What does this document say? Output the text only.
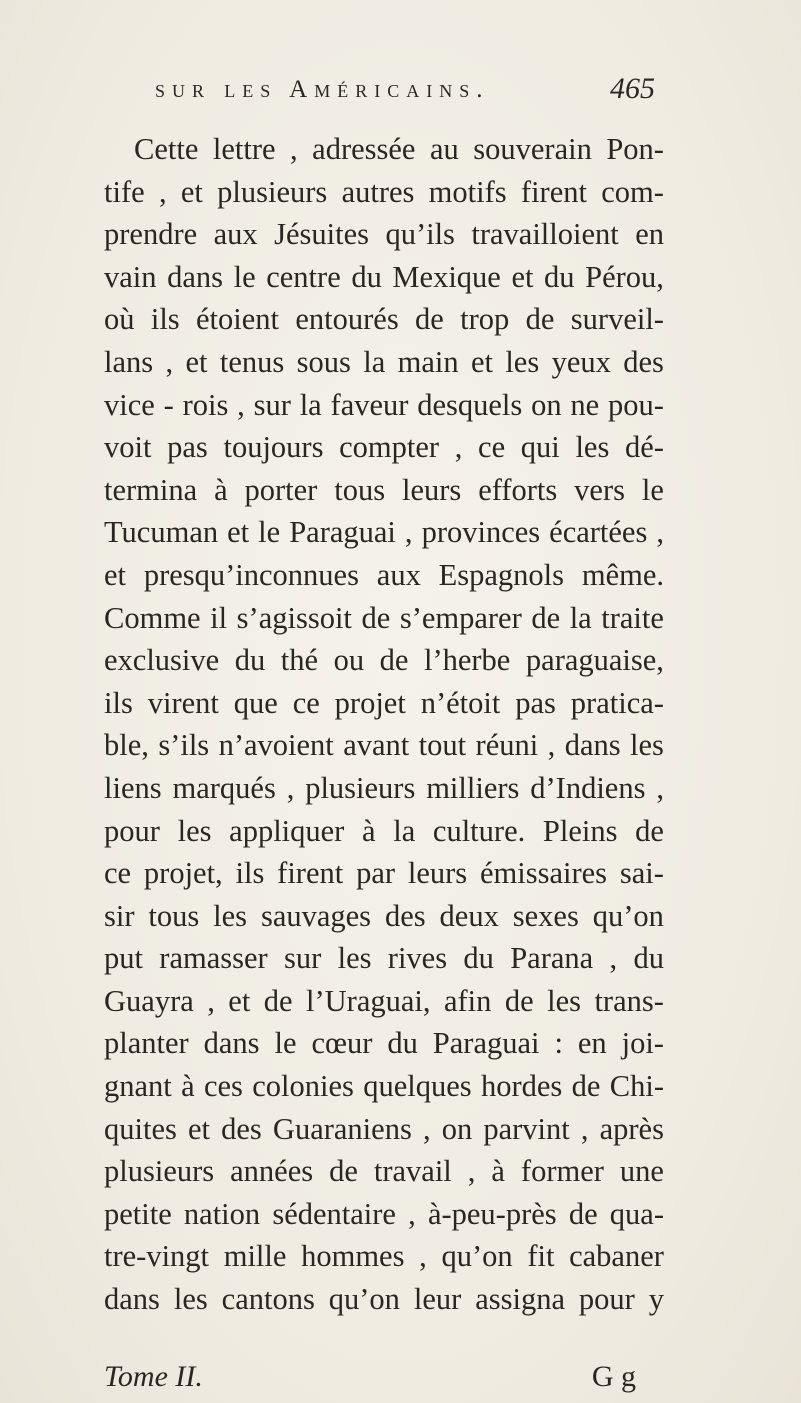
sur les Américains.	465
Cette lettre , adressée au souverain Pon-
tife , et plusieurs autres motifs firent com-
prendre aux Jésuites qu’ils travailloient en
vain dans le centre du Mexique et du Pérou,
où ils étoient entourés de trop de surveil-
lans , et tenus sous la main et les yeux des
vice - rois , sur la faveur desquels on ne pou-
voit pas toujours compter , ce qui les dé-
termina à porter tous leurs efforts vers le
Tucuman et le Paraguai , provinces écartées ,
et presqu’inconnues aux Espagnols même.
Comme il s’agissoit de s’emparer de la traite
exclusive du thé ou de l’herbe paraguaise,
ils virent que ce projet n’étoit pas pratica-
ble, s’ils n’avoient avant tout réuni , dans les
liens marqués , plusieurs milliers d’Indiens ,
pour les appliquer à la culture. Pleins de
ce projet, ils firent par leurs émissaires sai-
sir tous les sauvages des deux sexes qu’on
put ramasser sur les rives du Parana , du
Guayra , et de l’Uraguai, afin de les trans-
planter dans le cœur du Paraguai : en joi-
gnant à ces colonies quelques hordes de Chi-
quites et des Guaraniens , on parvint , après
plusieurs années de travail , à former une
petite nation sédentaire , à-peu-près de qua-
tre-vingt mille hommes , qu’on fit cabaner
dans les cantons qu’on leur assigna pour y
Tome II.	G g
